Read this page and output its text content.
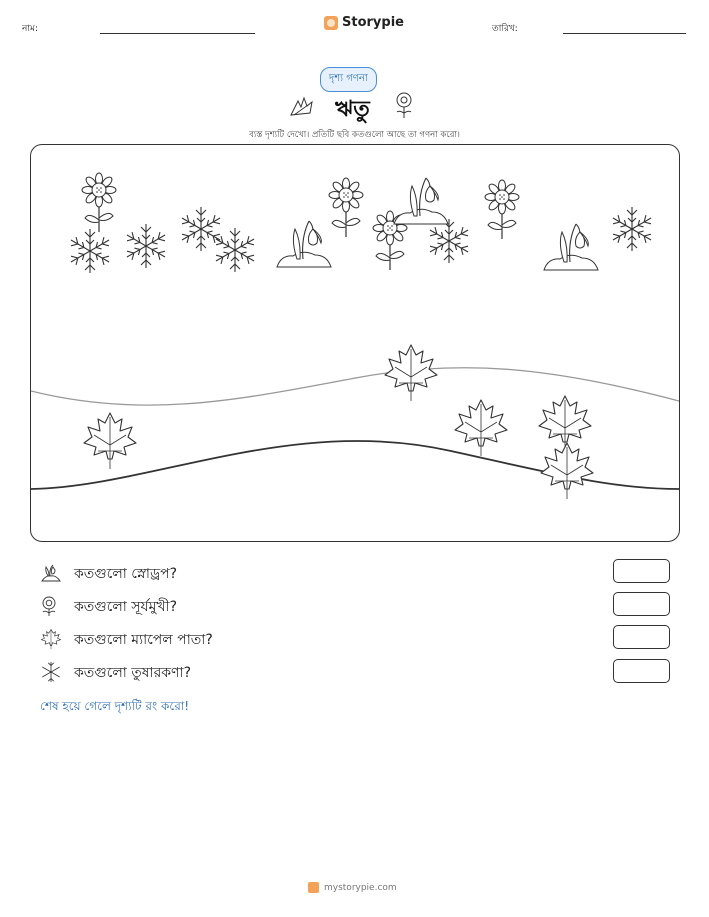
নাম:	Storypie	তারিখ:
দৃশ্য গণনা
ঋতু
ব্যস্ত দৃশ্যটি দেখো। প্রতিটি ছবি কতগুলো আছে তা গণনা করো।
কতগুলো স্নোড্রপ?
কতগুলো সূর্যমুখী?
কতগুলো ম্যাপেল পাতা?
কতগুলো তুষারকণা?
শেষ হয়ে গেলে দৃশ্যটি রং করো!
mystorypie.com
